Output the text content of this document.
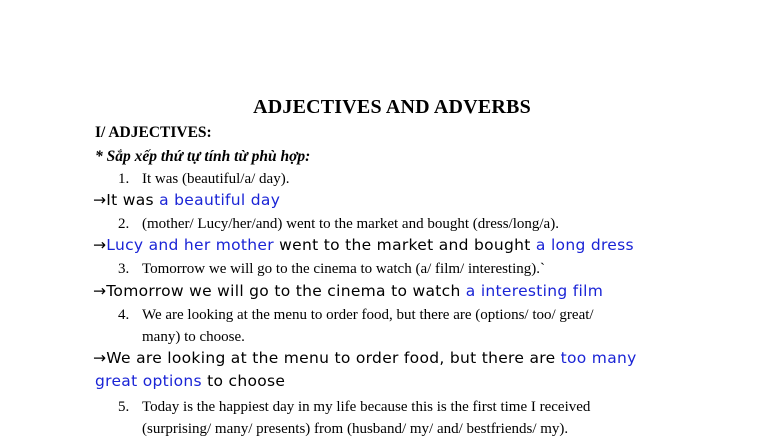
ADJECTIVES AND ADVERBS
I/ ADJECTIVES:
* Sắp xếp thứ tự tính từ phù hợp:
1. It was (beautiful/a/ day).
→It was a beautiful day
2. (mother/ Lucy/her/and) went to the market and bought (dress/long/a).
→Lucy and her mother went to the market and bought a long dress
3. Tomorrow we will go to the cinema to watch (a/ film/ interesting).`
→Tomorrow we will go to the cinema to watch a interesting film
4. We are looking at the menu to order food, but there are (options/ too/ great/
many) to choose.
→We are looking at the menu to order food, but there are too many
great options to choose
5. Today is the happiest day in my life because this is the first time I received
(surprising/ many/ presents) from (husband/ my/ and/ bestfriends/ my).
